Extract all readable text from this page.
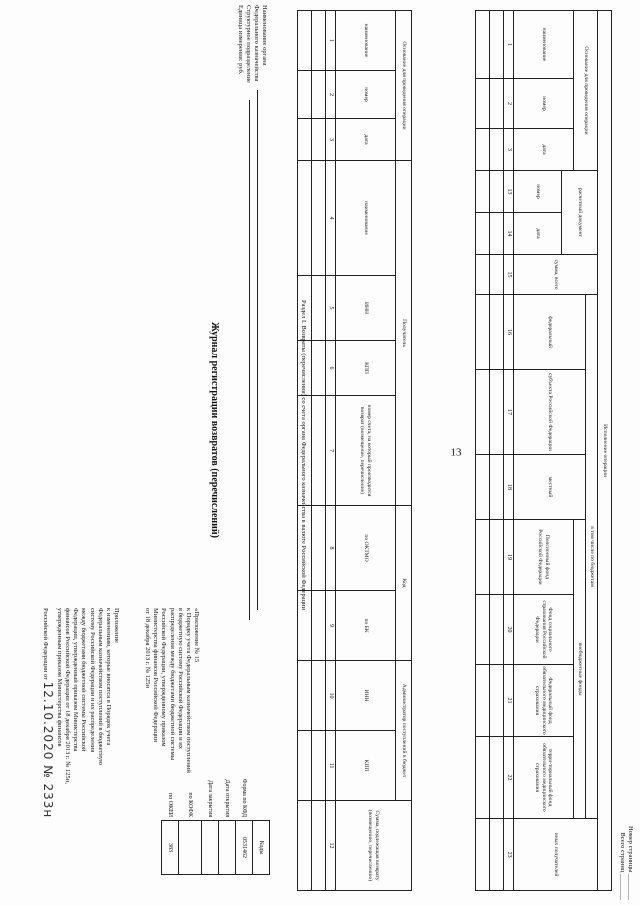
13
Приложение
к изменениям, которые вносятся в Порядок учета
Федеральным казначейством поступлений в бюджетную
систему Российской Федерации и их распределения
между бюджетами бюджетной системы Российской
Федерации, утвержденный приказом Министерства
финансов Российской Федерации от 18 декабря 2013 г. № 125н,
утвержденным приказом Министерства финансов
Российской Федерации от 12.10.2020 № 233н
«Приложение № 15
к Порядку учета Федеральным казначейством поступлений
в бюджетную систему Российской Федерации и их
распределения между бюджетами бюджетной системы
Российской Федерации, утвержденному приказом
Министерства финансов Российской Федерации
от 18 декабря 2013 г. № 125н
Журнал регистрации возвратов (перечислений)
	Коды
Форма по КФД	0531462
Дата открытия	
Дата закрытия	
по КОФК	
по ОКЕИ	383
Наименование органа
Федерального казначейства
Структурное подразделение
Единица измерения: руб.
Раздел I. Возвраты (перечисления) со счета органа Федерального казначейства в валюте Российской Федерации
Основание для проведения операции			Получатель				Код		Администратор поступлений в бюджет		Сумма, подлежащая возврату (возмещению, перечислению)
наименование	номер	дата	наименование	ИНН	КПП	номер счета, на который производится возврат (возмещение, перечисление)	по ОКТМО	по БК	ИНН	КПП	
1	2	3	4	5	6	7	8	9	10	11	12

Исполнение операции													
Основание для проведения операции			расчетный документ		сумма, всего	в том числе по бюджетам							иных получателей
						федеральный	субъекта Российской Федерации	местный	внебюджетные фонды				
наименование	номер	дата							Пенсионный фонд Российской Федерации	Фонд социального страхования Российской Федерации	Федеральный фонд обязательного медицинского страхования	терри-ториальный фонд обязательного медицинского страхования	
			номер	дата									
1	2	3	13	14	15	16	17	18	19	20	21	22	23

														Номер страницы ________
Всего страниц ________
